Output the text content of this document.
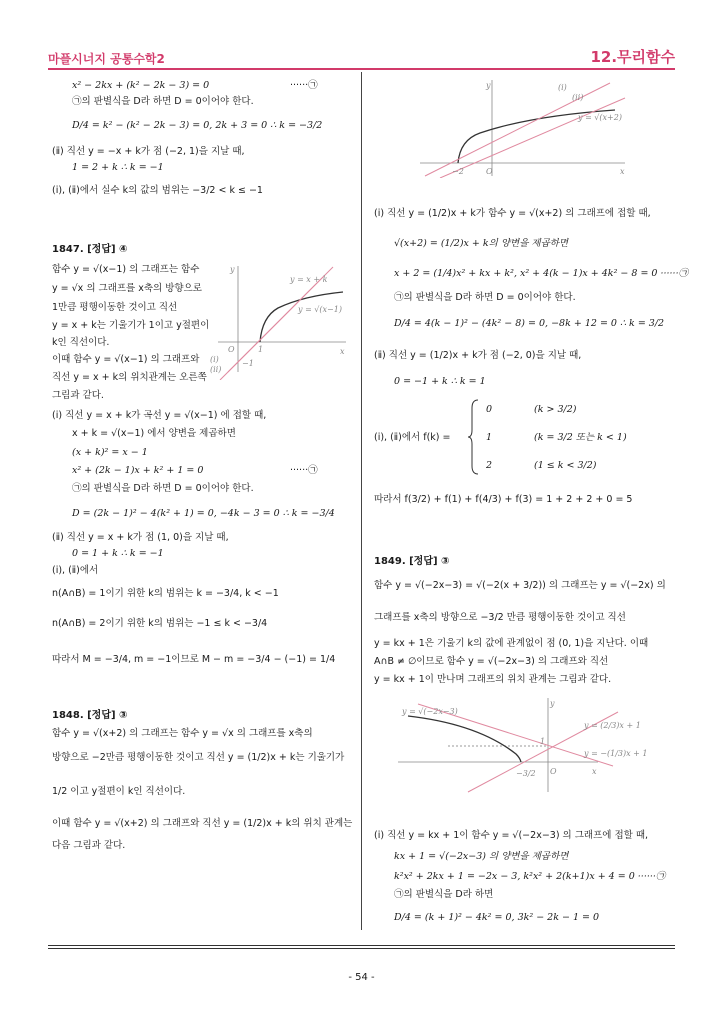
마플시너지 공통수학2	12.무리함수
x² − 2kx + (k² − 2k − 3) = 0	······㉠
㉠의 판별식을 D라 하면 D = 0이어야 한다.
D/4 = k² − (k² − 2k − 3) = 0, 2k + 3 = 0 ∴ k = −3/2
(ⅱ) 직선 y = −x + k가 점 (−2, 1)을 지날 때,
1 = 2 + k ∴ k = −1
(ⅰ), (ⅱ)에서 실수 k의 값의 범위는 −3/2 < k ≤ −1
1847. [정답] ④
함수 y = √(x−1) 의 그래프는 함수
y = √x 의 그래프를 x축의 방향으로
1만큼 평행이동한 것이고 직선
y = x + k는 기울기가 1이고 y절편이
k인 직선이다.
이때 함수 y = √(x−1) 의 그래프와
직선 y = x + k의 위치관계는 오른쪽
그림과 같다.
y
x
O	1
−1
y = x + k
y = √(x−1)
(ⅰ)
(ⅱ)
(ⅰ) 직선 y = x + k가 곡선 y = √(x−1) 에 접할 때,
x + k = √(x−1) 에서 양변을 제곱하면
(x + k)² = x − 1
x² + (2k − 1)x + k² + 1 = 0	······㉠
㉠의 판별식을 D라 하면 D = 0이어야 한다.
D = (2k − 1)² − 4(k² + 1) = 0, −4k − 3 = 0 ∴ k = −3/4
(ⅱ) 직선 y = x + k가 점 (1, 0)을 지날 때,
0 = 1 + k ∴ k = −1
(ⅰ), (ⅱ)에서
n(A∩B) = 1이기 위한 k의 범위는 k = −3/4, k < −1
n(A∩B) = 2이기 위한 k의 범위는 −1 ≤ k < −3/4
따라서 M = −3/4, m = −1이므로 M − m = −3/4 − (−1) = 1/4
1848. [정답] ③
함수 y = √(x+2) 의 그래프는 함수 y = √x 의 그래프를 x축의
방향으로 −2만큼 평행이동한 것이고 직선 y = (1/2)x + k는 기울기가
1/2 이고 y절편이 k인 직선이다.
이때 함수 y = √(x+2) 의 그래프와 직선 y = (1/2)x + k의 위치 관계는
다음 그림과 같다.
y
x
O
−2
(ⅰ)
(ⅱ)
y = √(x+2)
(ⅰ) 직선 y = (1/2)x + k가 함수 y = √(x+2) 의 그래프에 접할 때,
√(x+2) = (1/2)x + k의 양변을 제곱하면
x + 2 = (1/4)x² + kx + k², x² + 4(k − 1)x + 4k² − 8 = 0 ······㉠
㉠의 판별식을 D라 하면 D = 0이어야 한다.
D/4 = 4(k − 1)² − (4k² − 8) = 0, −8k + 12 = 0 ∴ k = 3/2
(ⅱ) 직선 y = (1/2)x + k가 점 (−2, 0)을 지날 때,
0 = −1 + k ∴ k = 1
(ⅰ), (ⅱ)에서 f(k) =
0	(k > 3/2)
1	(k = 3/2 또는 k < 1)
2	(1 ≤ k < 3/2)
따라서 f(3/2) + f(1) + f(4/3) + f(3) = 1 + 2 + 2 + 0 = 5
1849. [정답] ③
함수 y = √(−2x−3) = √(−2(x + 3/2)) 의 그래프는 y = √(−2x) 의
그래프를 x축의 방향으로 −3/2 만큼 평행이동한 것이고 직선
y = kx + 1은 기울기 k의 값에 관계없이 점 (0, 1)을 지난다. 이때
A∩B ≠ ∅이므로 함수 y = √(−2x−3) 의 그래프와 직선
y = kx + 1이 만나며 그래프의 위치 관계는 그림과 같다.
y = √(−2x−3)
y
x
O
−3/2
1
y = (2/3)x + 1
y = −(1/3)x + 1
(ⅰ) 직선 y = kx + 1이 함수 y = √(−2x−3) 의 그래프에 접할 때,
kx + 1 = √(−2x−3) 의 양변을 제곱하면
k²x² + 2kx + 1 = −2x − 3, k²x² + 2(k+1)x + 4 = 0 ······㉠
㉠의 판별식을 D라 하면
D/4 = (k + 1)² − 4k² = 0, 3k² − 2k − 1 = 0
- 54 -
